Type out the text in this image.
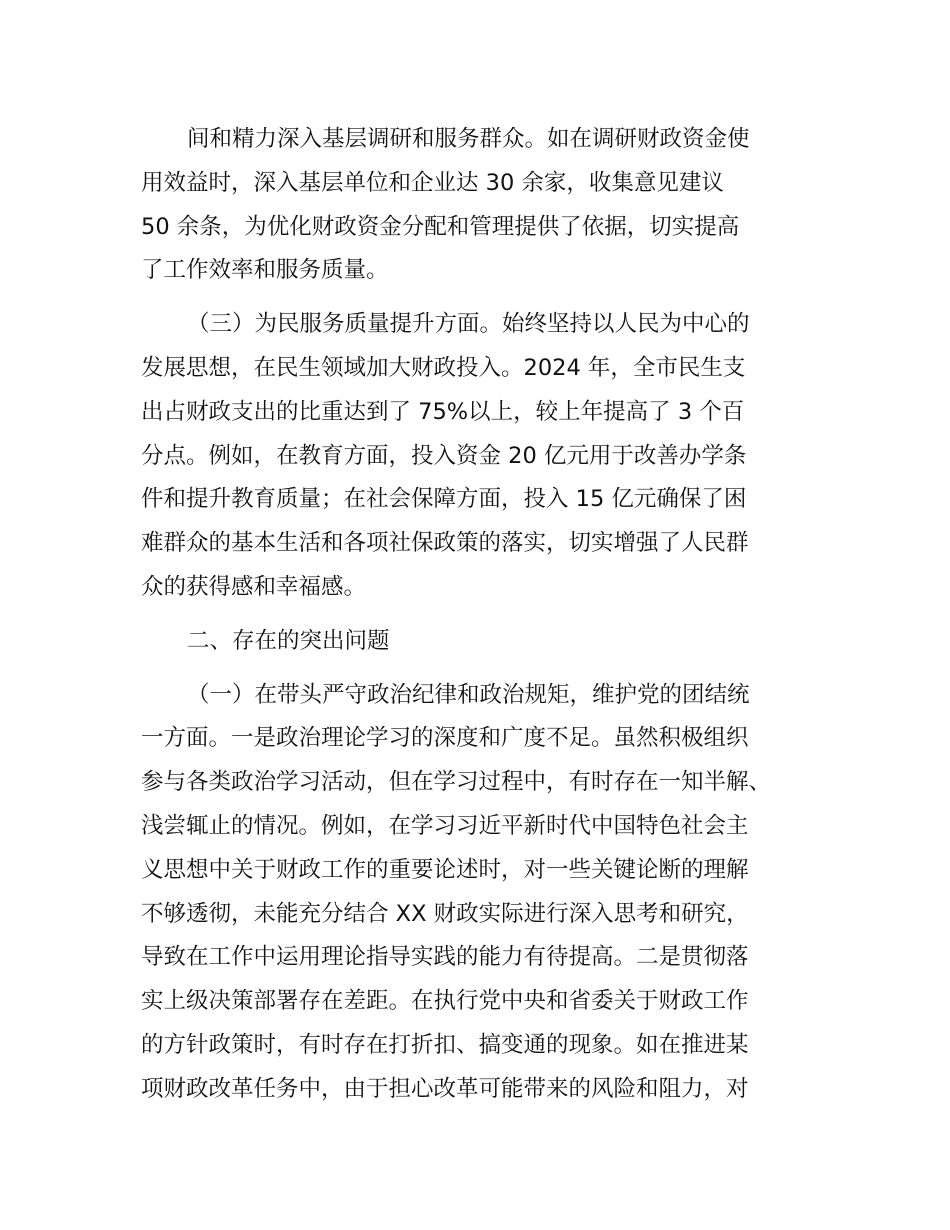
间和精力深入基层调研和服务群众。如在调研财政资金使
用效益时，深入基层单位和企业达 30 余家，收集意见建议
50 余条，为优化财政资金分配和管理提供了依据，切实提高
了工作效率和服务质量。
（三）为民服务质量提升方面。始终坚持以人民为中心的
发展思想，在民生领域加大财政投入。2024 年，全市民生支
出占财政支出的比重达到了 75%以上，较上年提高了 3 个百
分点。例如，在教育方面，投入资金 20 亿元用于改善办学条
件和提升教育质量；在社会保障方面，投入 15 亿元确保了困
难群众的基本生活和各项社保政策的落实，切实增强了人民群
众的获得感和幸福感。
二、存在的突出问题
（一）在带头严守政治纪律和政治规矩，维护党的团结统
一方面。一是政治理论学习的深度和广度不足。虽然积极组织
参与各类政治学习活动，但在学习过程中，有时存在一知半解、
浅尝辄止的情况。例如，在学习习近平新时代中国特色社会主
义思想中关于财政工作的重要论述时，对一些关键论断的理解
不够透彻，未能充分结合 XX 财政实际进行深入思考和研究，
导致在工作中运用理论指导实践的能力有待提高。二是贯彻落
实上级决策部署存在差距。在执行党中央和省委关于财政工作
的方针政策时，有时存在打折扣、搞变通的现象。如在推进某
项财政改革任务中，由于担心改革可能带来的风险和阻力，对
